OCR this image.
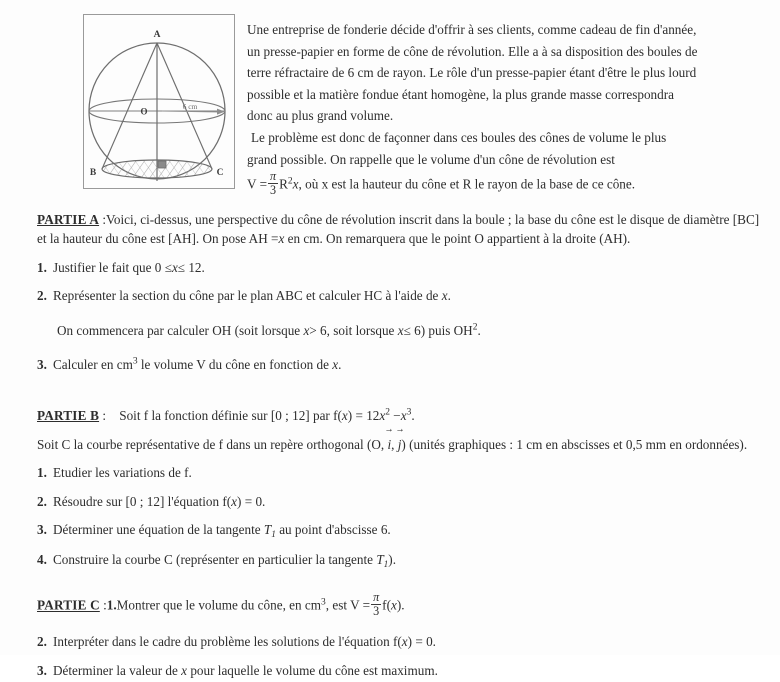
A
O
B	C
6 cm

Une entreprise de fonderie décide d'offrir à ses clients, comme cadeau de fin d'année,

un presse-papier en forme de cône de révolution. Elle a à sa disposition des boules de

terre réfractaire de 6 cm de rayon. Le rôle d'un presse-papier étant d'être le plus lourd

possible et la matière fondue étant homogène, la plus grande masse correspondra

donc au plus grand volume.

Le problème est donc de façonner dans ces boules des cônes de volume le plus

grand possible. On rappelle que le volume d'un cône de révolution est

$V = \frac{\pi}{3} R^2x$, où x est la hauteur du cône et R le rayon de la base de ce cône.

PARTIE A :Voici, ci-dessus, une perspective du cône de révolution inscrit dans la boule ; la base du cône est le disque de diamètre [BC] et la hauteur du cône est [AH]. On pose AH =x en cm. On remarquera que le point O appartient à la droite (AH).

1. Justifier le fait que 0 ≤x≤ 12.
2. Représenter la section du cône par le plan ABC et calculer HC à l'aide de x.
On commencera par calculer OH (soit lorsque x> 6, soit lorsque x≤ 6) puis $OH^2$.
3. Calculer en $cm^3$ le volume V du cône en fonction de x.

PARTIE B : Soit f la fonction définie sur [0 ; 12] par $f(x) = 12x^2 -x^3$.

Soit C la courbe représentative de f dans un repère orthogonal (O, → i, → j) (unités graphiques : 1 cm en abscisses et 0,5 mm en ordonnées).

1. Etudier les variations de f.
2. Résoudre sur [0 ; 12] l'équation f(x) = 0.
3. Déterminer une équation de la tangente $T_1$ au point d'abscisse 6.
4. Construire la courbe C (représenter en particulier la tangente $T_1$).

PARTIE C :1.Montrer que le volume du cône, en $cm^3$, est $V = \frac{\pi}{3} f(x)$.

2. Interpréter dans le cadre du problème les solutions de l'équation f(x) = 0.
3. Déterminer la valeur de x pour laquelle le volume du cône est maximum.
